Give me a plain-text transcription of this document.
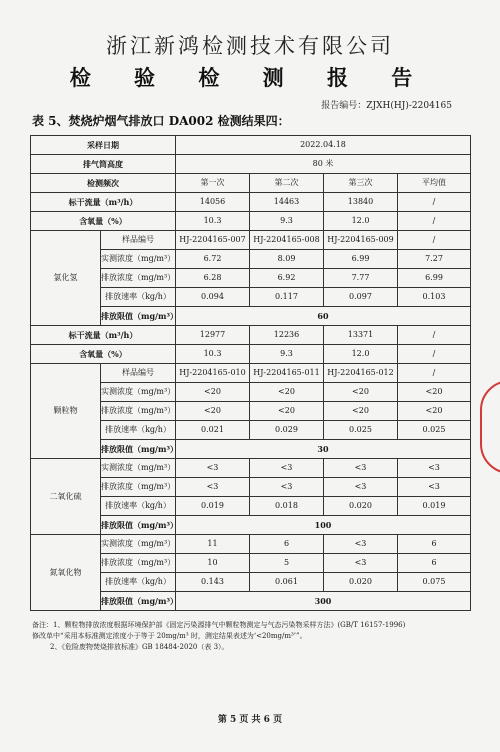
浙江新鸿检测技术有限公司
检 验 检 测 报 告
报告编号：ZJXH(HJ)-2204165
表 5、焚烧炉烟气排放口 DA002 检测结果四：
采样日期		2022.04.18			
排气筒高度		80 米			
检测频次		第一次	第二次	第三次	平均值
标干流量（m³/h）		14056	14463	13840	/
含氧量（%）		10.3	9.3	12.0	/
氯化氢	样品编号	HJ-2204165-007	HJ-2204165-008	HJ-2204165-009	/
	实测浓度（mg/m³）	6.72	8.09	6.99	7.27
	排放浓度（mg/m³）	6.28	6.92	7.77	6.99
	排放速率（kg/h）	0.094	0.117	0.097	0.103
	排放限值（mg/m³）	60			
标干流量（m³/h）		12977	12236	13371	/
含氧量（%）		10.3	9.3	12.0	/
颗粒物	样品编号	HJ-2204165-010	HJ-2204165-011	HJ-2204165-012	/
	实测浓度（mg/m³）	<20	<20	<20	<20
	排放浓度（mg/m³）	<20	<20	<20	<20
	排放速率（kg/h）	0.021	0.029	0.025	0.025
	排放限值（mg/m³）	30			
二氧化硫	实测浓度（mg/m³）	<3	<3	<3	<3
	排放浓度（mg/m³）	<3	<3	<3	<3
	排放速率（kg/h）	0.019	0.018	0.020	0.019
	排放限值（mg/m³）	100			
氮氧化物	实测浓度（mg/m³）	11	6	<3	6
	排放浓度（mg/m³）	10	5	<3	6
	排放速率（kg/h）	0.143	0.061	0.020	0.075
	排放限值（mg/m³）	300			
备注：1、颗粒物排放浓度根据环境保护部《固定污染源排气中颗粒物测定与气态污染物采样方法》(GB/T 16157-1996)
修改单中“采用本标准测定浓度小于等于 20mg/m³ 时，测定结果表述为‘<20mg/m³’”。
2、《危险废物焚烧排放标准》GB 18484-2020（表 3）。
第 5 页 共 6 页
